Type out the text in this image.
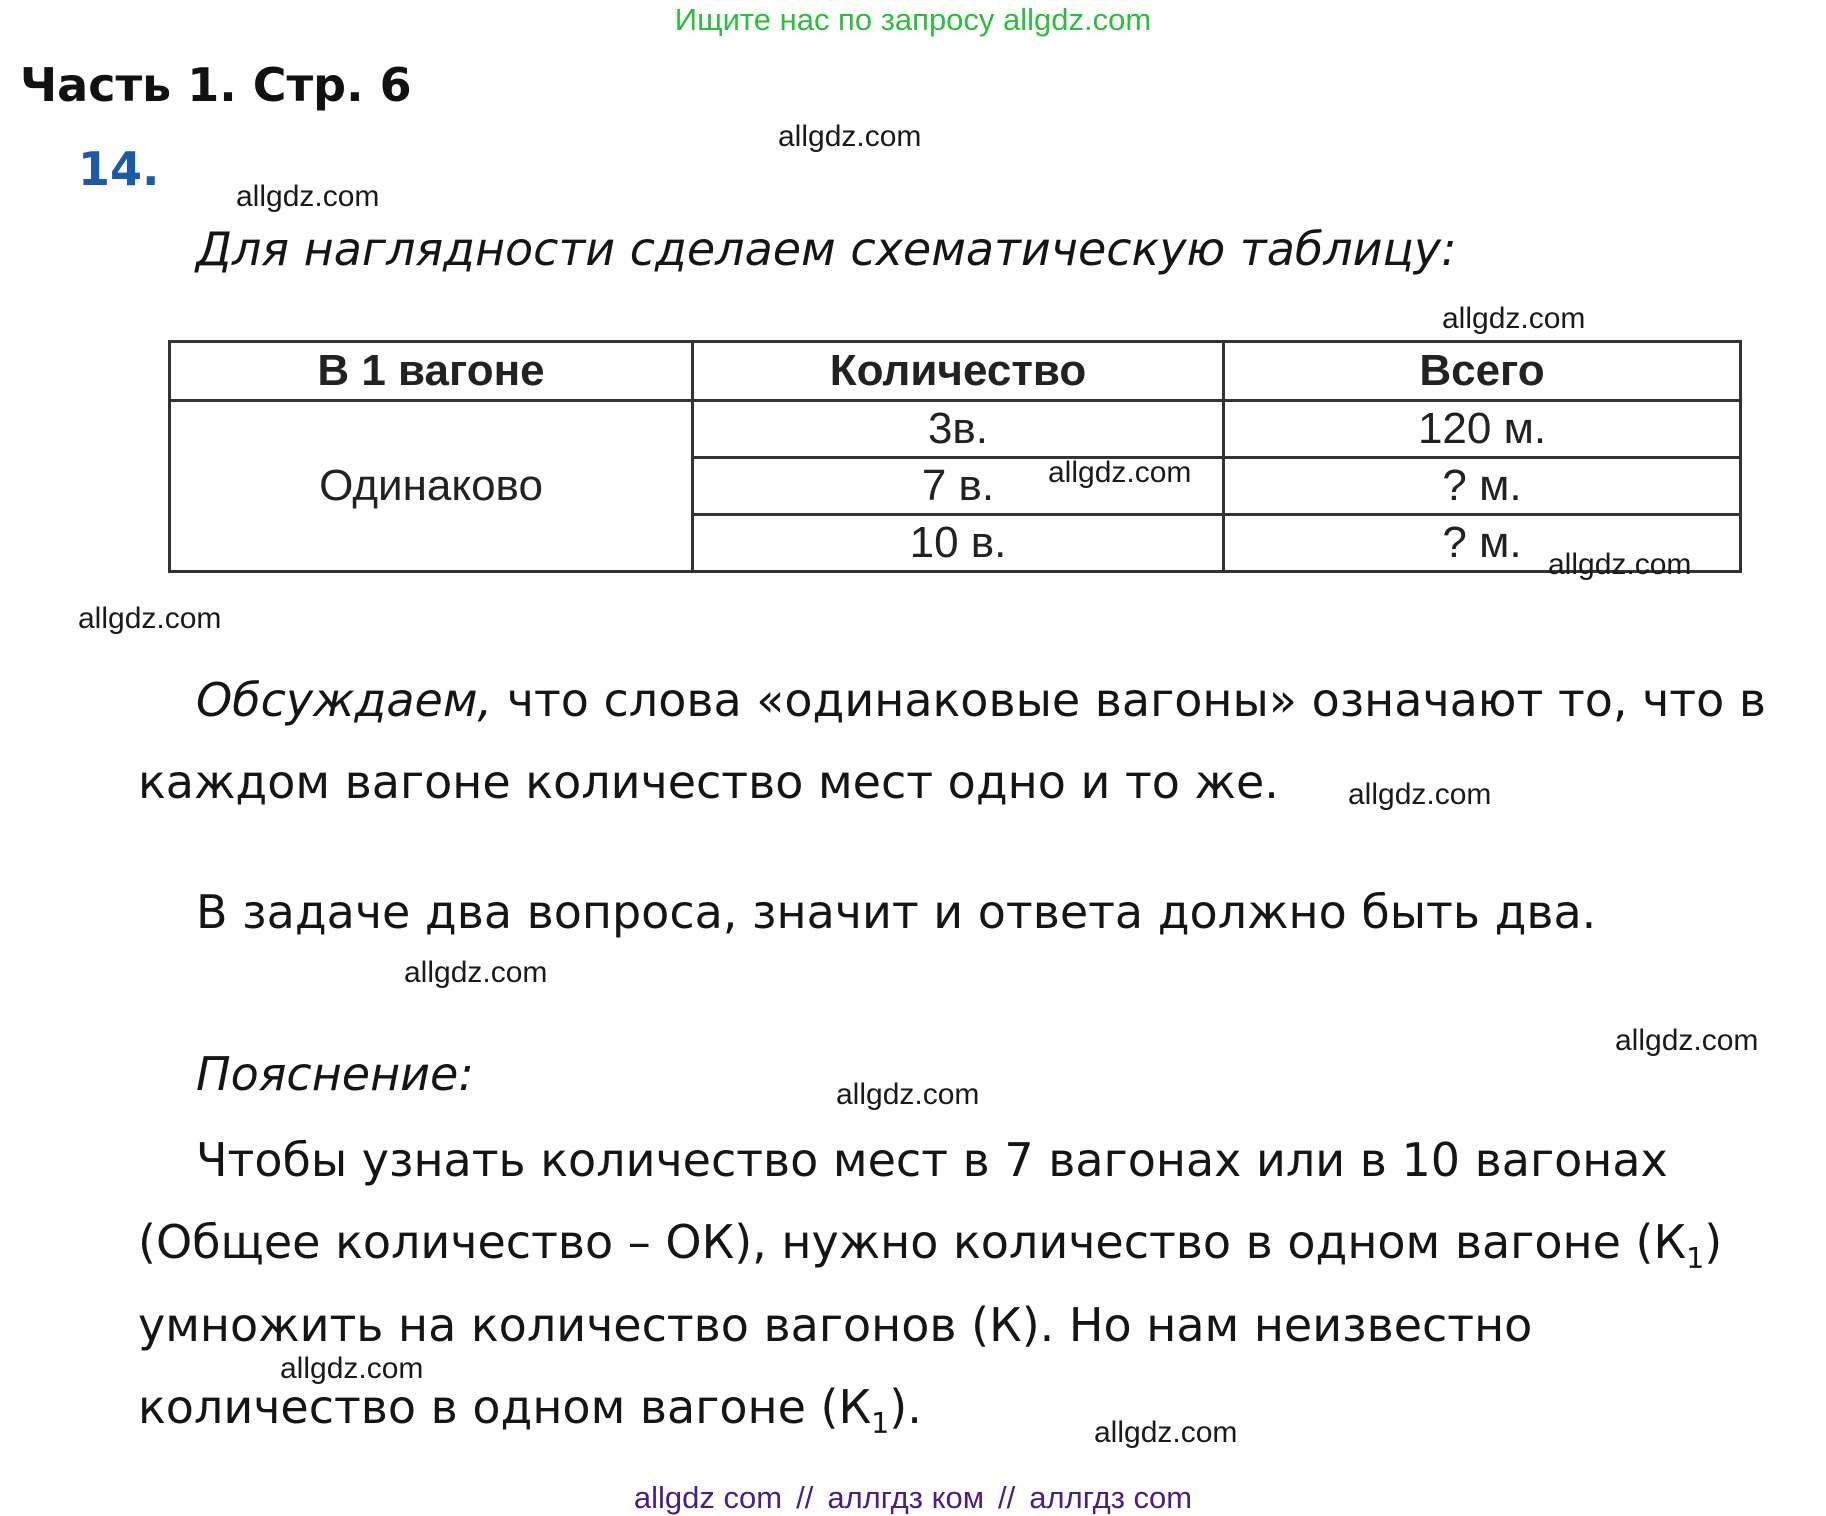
Ищите нас по запросу allgdz.com
Часть 1. Стр. 6
14.
Для наглядности сделаем схематическую таблицу:
В 1 вагоне	Количество	Всего
Одинаково	3в.	120 м.
	7 в.	? м.
	10 в.	? м.
Обсуждаем, что слова «одинаковые вагоны» означают то, что в
каждом вагоне количество мест одно и то же.
В задаче два вопроса, значит и ответа должно быть два.
Пояснение:
Чтобы узнать количество мест в 7 вагонах или в 10 вагонах
(Общее количество – ОК), нужно количество в одном вагоне $(К_1)$
умножить на количество вагонов (К). Но нам неизвестно
количество в одном вагоне $(К_1)$.
allgdz.com
allgdz.com
allgdz.com
allgdz.com
allgdz.com
allgdz.com
allgdz.com
allgdz.com
allgdz.com
allgdz.com
allgdz.com
allgdz.com
allgdz com // аллгдз ком // аллгдз com
